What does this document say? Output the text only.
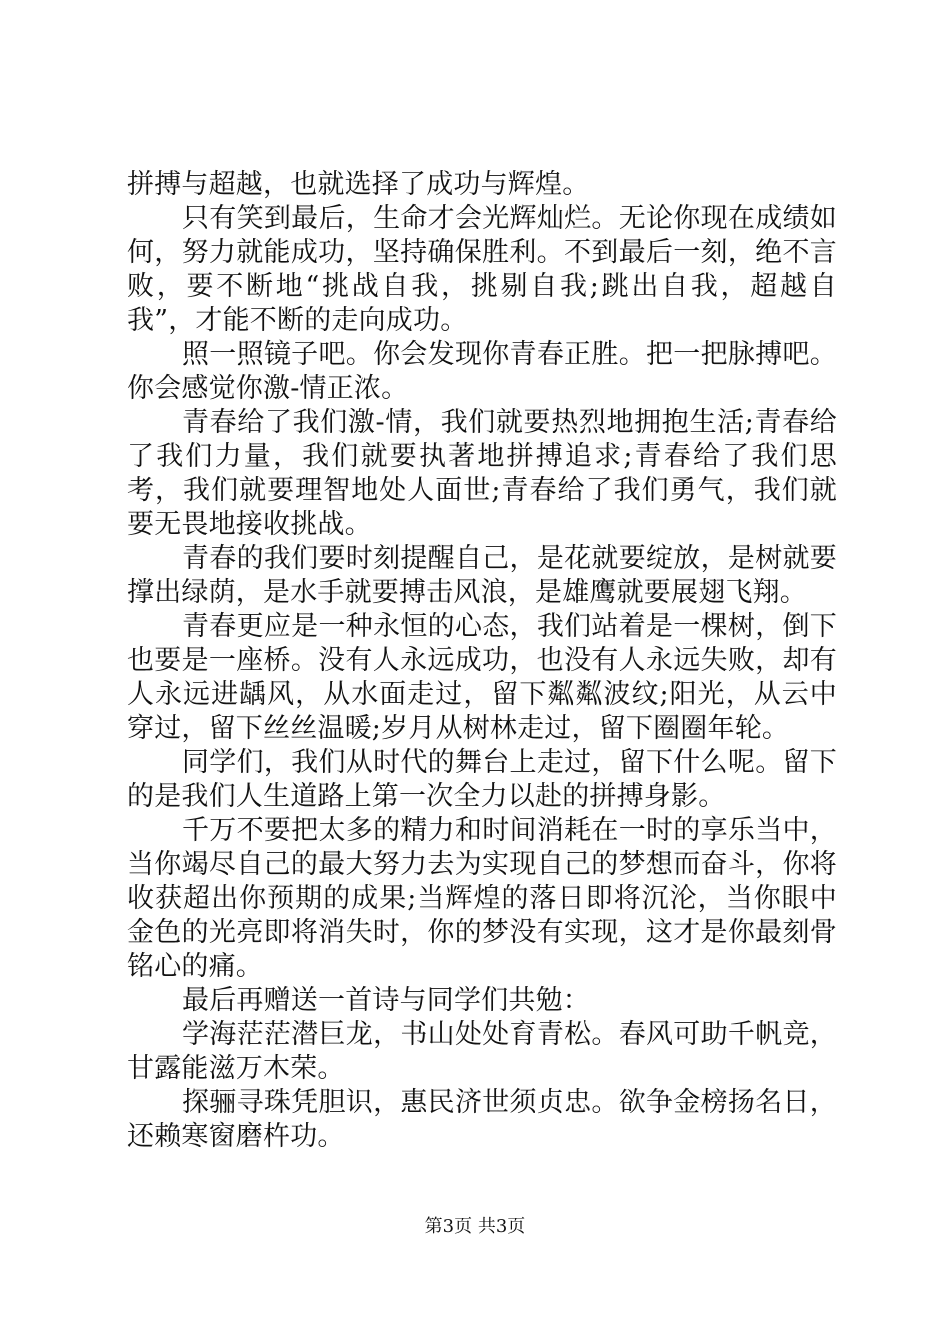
拼搏与超越，也就选择了成功与辉煌。

只有笑到最后，生命才会光辉灿烂。无论你现在成绩如何，努力就能成功，坚持确保胜利。不到最后一刻，绝不言败，要不断地“挑战自我，挑剔自我;跳出自我，超越自我”，才能不断的走向成功。

照一照镜子吧。你会发现你青春正胜。把一把脉搏吧。你会感觉你激-情正浓。

青春给了我们激-情，我们就要热烈地拥抱生活;青春给了我们力量，我们就要执著地拼搏追求;青春给了我们思考，我们就要理智地处人面世;青春给了我们勇气，我们就要无畏地接收挑战。

青春的我们要时刻提醒自己，是花就要绽放，是树就要撑出绿荫，是水手就要搏击风浪，是雄鹰就要展翅飞翔。

青春更应是一种永恒的心态，我们站着是一棵树，倒下也要是一座桥。没有人永远成功，也没有人永远失败，却有人永远进龋风，从水面走过，留下粼粼波纹;阳光，从云中穿过，留下丝丝温暖;岁月从树林走过，留下圈圈年轮。

同学们，我们从时代的舞台上走过，留下什么呢。留下的是我们人生道路上第一次全力以赴的拼搏身影。

千万不要把太多的精力和时间消耗在一时的享乐当中，当你竭尽自己的最大努力去为实现自己的梦想而奋斗，你将收获超出你预期的成果;当辉煌的落日即将沉沦，当你眼中金色的光亮即将消失时，你的梦没有实现，这才是你最刻骨铭心的痛。

最后再赠送一首诗与同学们共勉：

学海茫茫潜巨龙，书山处处育青松。春风可助千帆竞，甘露能滋万木荣。

探骊寻珠凭胆识，惠民济世须贞忠。欲争金榜扬名日，还赖寒窗磨杵功。

第3页 共3页
